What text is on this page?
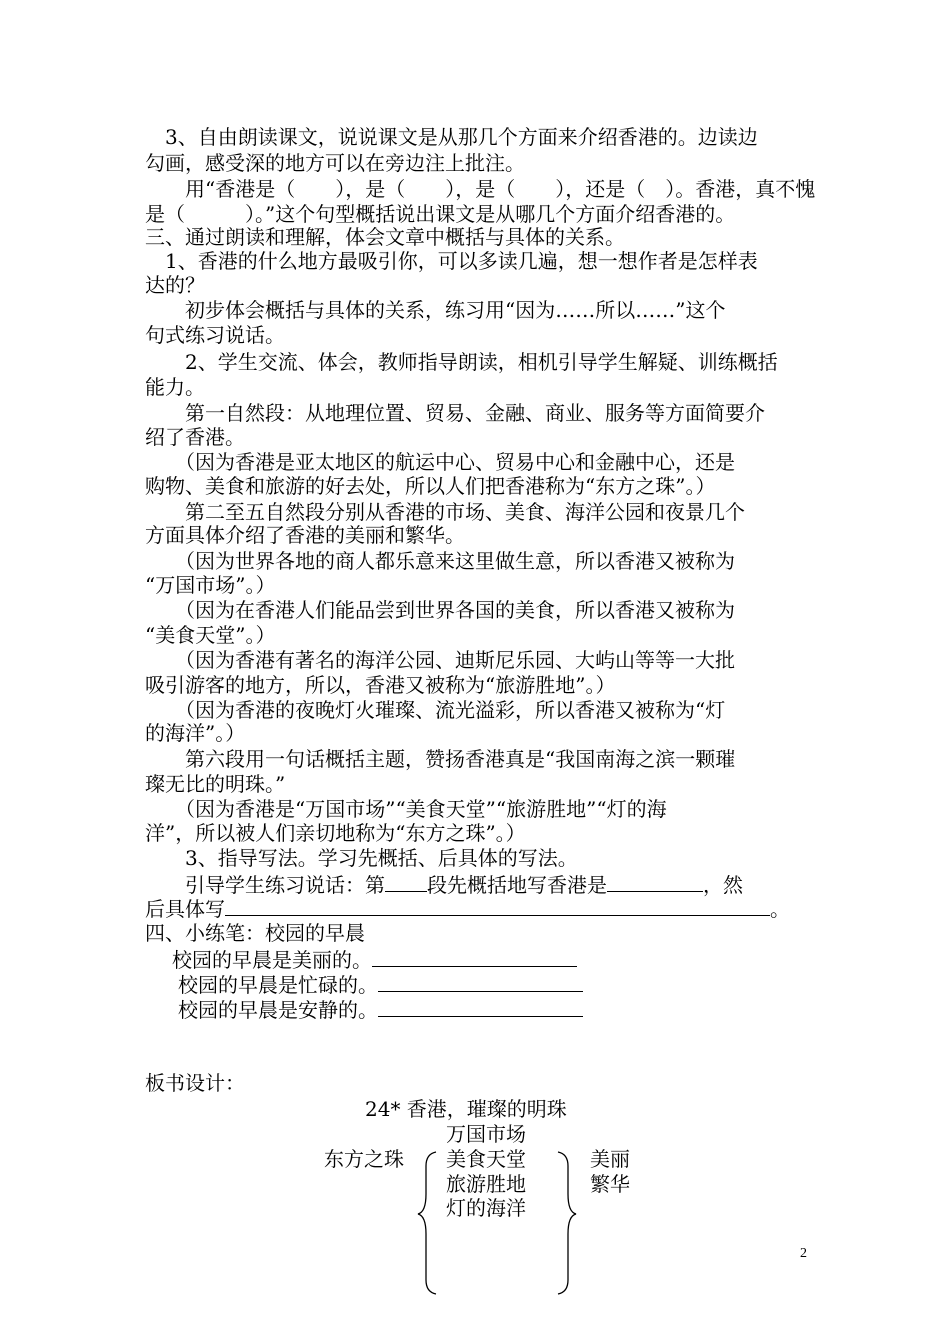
　3、自由朗读课文，说说课文是从那几个方面来介绍香港的。边读边
勾画，感受深的地方可以在旁边注上批注。
　　用“香港是（　　），是（　　），是（　　），还是（　）。香港，真不愧
是（　　　）。”这个句型概括说出课文是从哪几个方面介绍香港的。
三、通过朗读和理解，体会文章中概括与具体的关系。
　1、香港的什么地方最吸引你，可以多读几遍，想一想作者是怎样表
达的？
　　初步体会概括与具体的关系，练习用“因为……所以……”这个
句式练习说话。
　　2、学生交流、体会，教师指导朗读，相机引导学生解疑、训练概括
能力。
　　第一自然段：从地理位置、贸易、金融、商业、服务等方面简要介
绍了香港。
　　（因为香港是亚太地区的航运中心、贸易中心和金融中心，还是
购物、美食和旅游的好去处，所以人们把香港称为“东方之珠”。）
　　第二至五自然段分别从香港的市场、美食、海洋公园和夜景几个
方面具体介绍了香港的美丽和繁华。
　　（因为世界各地的商人都乐意来这里做生意，所以香港又被称为
“万国市场”。）
　　（因为在香港人们能品尝到世界各国的美食，所以香港又被称为
“美食天堂”。）
　　（因为香港有著名的海洋公园、迪斯尼乐园、大屿山等等一大批
吸引游客的地方，所以，香港又被称为“旅游胜地”。）
　　（因为香港的夜晚灯火璀璨、流光溢彩，所以香港又被称为“灯
的海洋”。）
　　第六段用一句话概括主题，赞扬香港真是“我国南海之滨一颗璀
璨无比的明珠。”
　　（因为香港是“万国市场”“美食天堂”“旅游胜地”“灯的海
洋”，所以被人们亲切地称为“东方之珠”。）
　　3、指导写法。学习先概括、后具体的写法。
　　引导学生练习说话：第 段先概括地写香港是	，然
后具体写	。
四、小练笔：校园的早晨
校园的早晨是美丽的。
校园的早晨是忙碌的。
校园的早晨是安静的。
板书设计：
24* 香港，璀璨的明珠
万国市场
东方之珠 美食天堂
旅游胜地
灯的海洋
美丽
繁华
2
